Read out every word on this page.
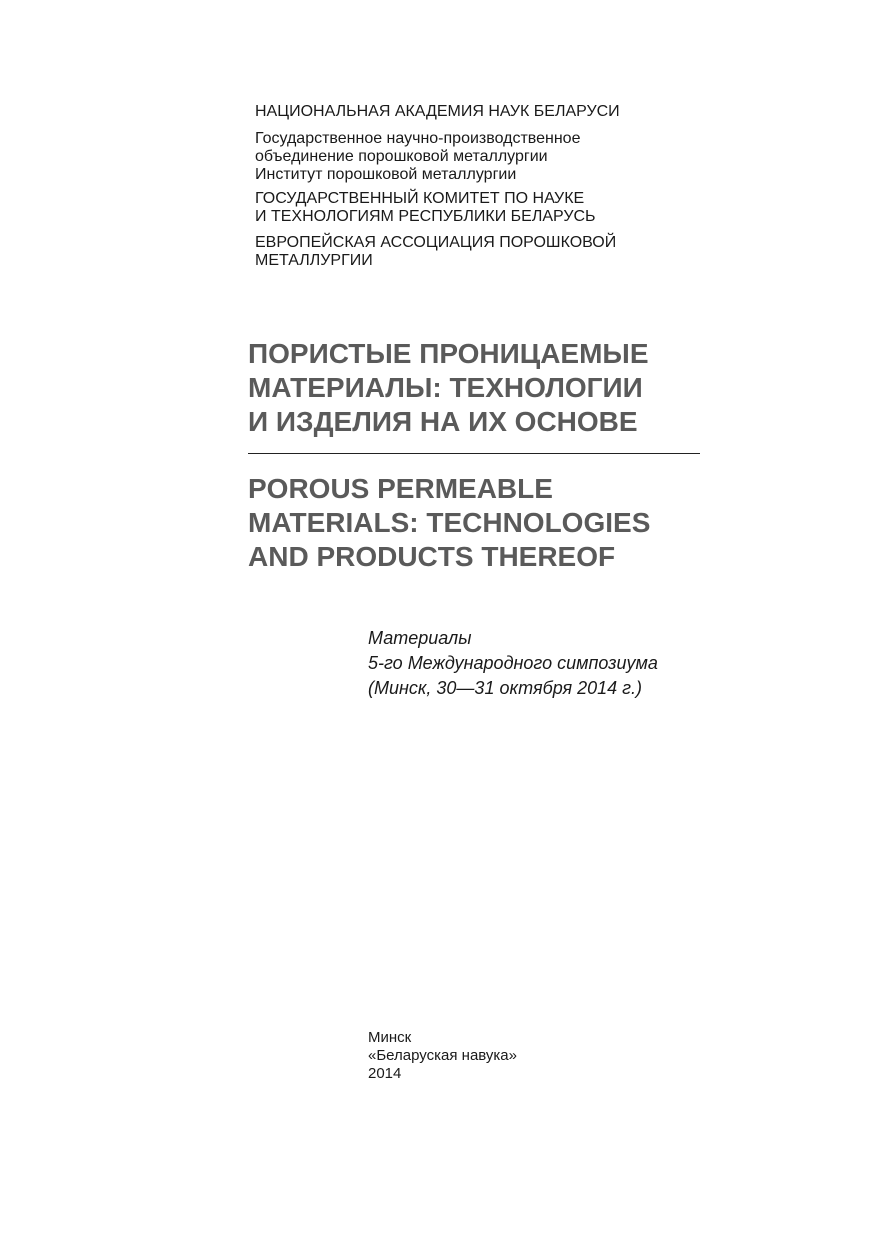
НАЦИОНАЛЬНАЯ АКАДЕМИЯ НАУК БЕЛАРУСИ
Государственное научно-производственное
объединение порошковой металлургии
Институт порошковой металлургии
ГОСУДАРСТВЕННЫЙ КОМИТЕТ ПО НАУКЕ
И ТЕХНОЛОГИЯМ РЕСПУБЛИКИ БЕЛАРУСЬ
ЕВРОПЕЙСКАЯ АССОЦИАЦИЯ ПОРОШКОВОЙ
МЕТАЛЛУРГИИ
ПОРИСТЫЕ ПРОНИЦАЕМЫЕ
МАТЕРИАЛЫ: ТЕХНОЛОГИИ
И ИЗДЕЛИЯ НА ИХ ОСНОВЕ
POROUS PERMEABLE
MATERIALS: TECHNOLOGIES
AND PRODUCTS THEREOF
Материалы
5-го Международного симпозиума
(Минск, 30—31 октября 2014 г.)
Минск
«Беларуская навука»
2014
